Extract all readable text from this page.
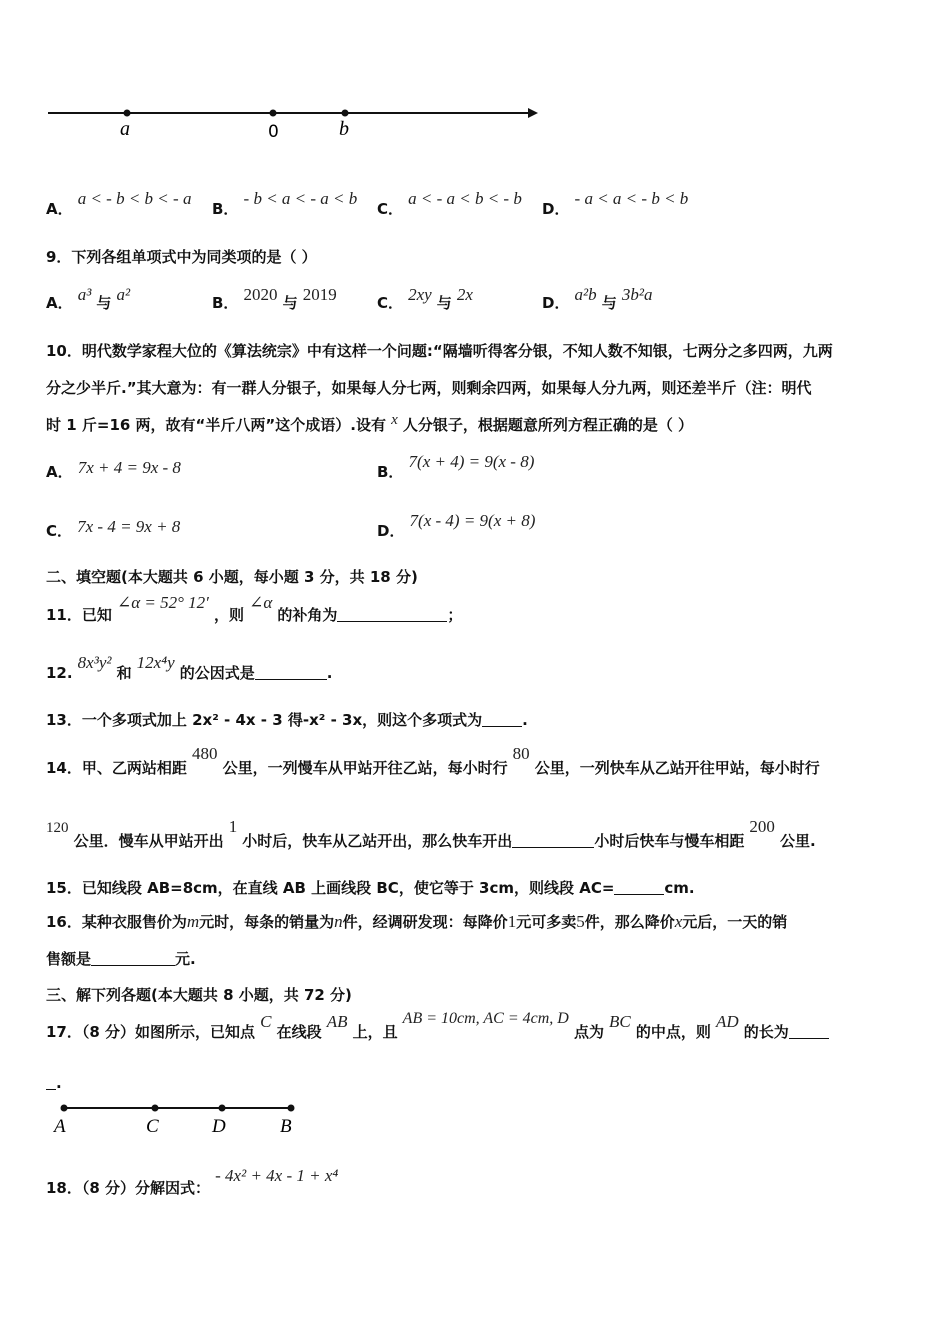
a	0	b
A． a < - b < b < - a
B． - b < a < - a < b
C． a < - a < b < - b
D． - a < a < - b < b
9．下列各组单项式中为同类项的是（ ）
A． a³ 与 a²	B． 2020 与 2019	C． 2xy 与 2x	D． a²b 与 3b²a
10．明代数学家程大位的《算法统宗》中有这样一个问题:“隔墙听得客分银，不知人数不知银，七两分之多四两，九两
分之少半斤.”其大意为：有一群人分银子，如果每人分七两，则剩余四两，如果每人分九两，则还差半斤（注：明代
时 1 斤=16 两，故有“半斤八两”这个成语）.设有 x 人分银子，根据题意所列方程正确的是（ ）
A． 7x + 4 = 9x - 8	B． 7(x + 4) = 9(x - 8)
C． 7x - 4 = 9x + 8	D． 7(x - 4) = 9(x + 8)
二、填空题(本大题共 6 小题，每小题 3 分，共 18 分)
11．已知 ∠α = 52° 12′ ，则 ∠α 的补角为	；
12. 8x³y² 和 12x⁴y 的公因式是	.
13．一个多项式加上 2x² - 4x - 3 得-x² - 3x，则这个多项式为	.
14．甲、乙两站相距 480 公里，一列慢车从甲站开往乙站，每小时行 80 公里，一列快车从乙站开往甲站，每小时行
120 公里．慢车从甲站开出 1 小时后，快车从乙站开出，那么快车开出	小时后快车与慢车相距 200 公里.
15．已知线段 AB=8cm，在直线 AB 上画线段 BC，使它等于 3cm，则线段 AC=	cm.
16．某种衣服售价为m元时，每条的销量为n件，经调研发现：每降价1元可多卖5件，那么降价x元后，一天的销
售额是	元.
三、解下列各题(本大题共 8 小题，共 72 分)
17．（8 分）如图所示，已知点 C 在线段 AB 上，且 AB = 10cm, AC = 4cm, D 点为 BC 的中点，则 AD 的长为
.
A	C	D	B
18．（8 分）分解因式： - 4x² + 4x - 1 + x⁴
